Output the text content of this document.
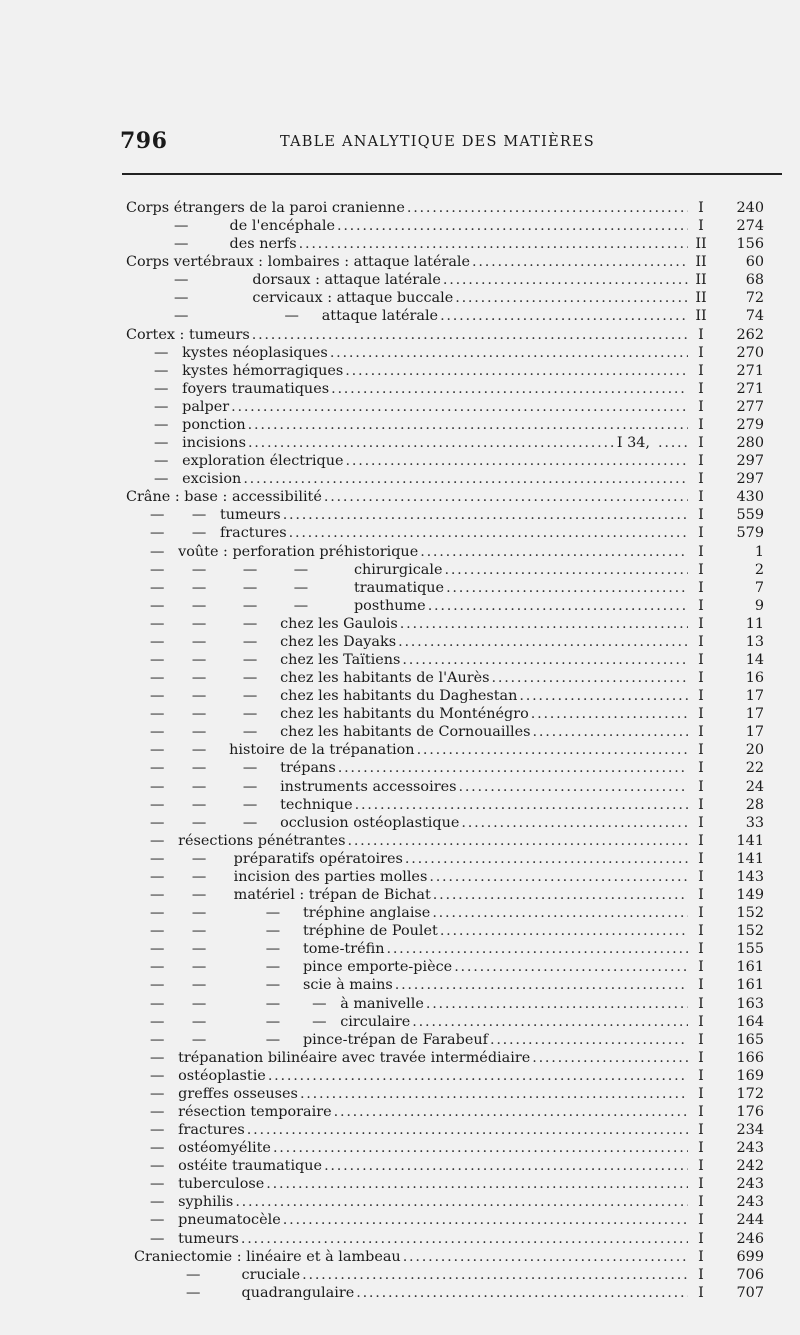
796	TABLE ANALYTIQUE DES MATIÈRES
Corps étrangers de la paroi cranienne . . .	I	240
—         de l'encéphale . . .	I	274
—         des nerfs . . .	II	156
Corps vertébraux : lombaires : attaque latérale . . .	II	60
—              dorsaux : attaque latérale . . .	II	68
—              cervicaux : attaque buccale . . .	II	72
—                     —     attaque latérale . . .	II	74
Cortex : tumeurs . . .	I	262
—   kystes néoplasiques . . .	I	270
—   kystes hémorragiques . . .	I	271
—   foyers traumatiques . . .	I	271
—   palper . . .	I	277
—   ponction . . .	I	279
—   incisions . . .	I 34, . . .	I	280
—   exploration électrique . . .	I	297
—   excision . . .	I	297
Crâne : base : accessibilité . . .	I	430
—      —   tumeurs . . .	I	559
—      —   fractures . . .	I	579
—   voûte : perforation préhistorique . . .	I	1
—      —        —        —          chirurgicale . . .	I	2
—      —        —        —          traumatique . . .	I	7
—      —        —        —          posthume . . .	I	9
—      —        —     chez les Gaulois . . .	I	11
—      —        —     chez les Dayaks . . .	I	13
—      —        —     chez les Taïtiens . . .	I	14
—      —        —     chez les habitants de l'Aurès . . .	I	16
—      —        —     chez les habitants du Daghestan . . .	I	17
—      —        —     chez les habitants du Monténégro . . .	I	17
—      —        —     chez les habitants de Cornouailles . . .	I	17
—      —     histoire de la trépanation . . .	I	20
—      —        —     trépans . . .	I	22
—      —        —     instruments accessoires . . .	I	24
—      —        —     technique . . .	I	28
—      —        —     occlusion ostéoplastique . . .	I	33
—   résections pénétrantes . . .	I	141
—      —      préparatifs opératoires . . .	I	141
—      —      incision des parties molles . . .	I	143
—      —      matériel : trépan de Bichat . . .	I	149
—      —             —     tréphine anglaise . . .	I	152
—      —             —     tréphine de Poulet . . .	I	152
—      —             —     tome-tréfin . . .	I	155
—      —             —     pince emporte-pièce . . .	I	161
—      —             —     scie à mains . . .	I	161
—      —             —       —   à manivelle . . .	I	163
—      —             —       —   circulaire . . .	I	164
—      —             —     pince-trépan de Farabeuf . . .	I	165
—   trépanation bilinéaire avec travée intermédiaire . . .	I	166
—   ostéoplastie . . .	I	169
—   greffes osseuses . . .	I	172
—   résection temporaire . . .	I	176
—   fractures . . .	I	234
—   ostéomyélite . . .	I	243
—   ostéite traumatique . . .	I	242
—   tuberculose . . .	I	243
—   syphilis . . .	I	243
—   pneumatocèle . . .	I	244
—   tumeurs . . .	I	246
Craniectomie : linéaire et à lambeau . . .	I	699
—         cruciale . . .	I	706
—         quadrangulaire . . .	I	707
